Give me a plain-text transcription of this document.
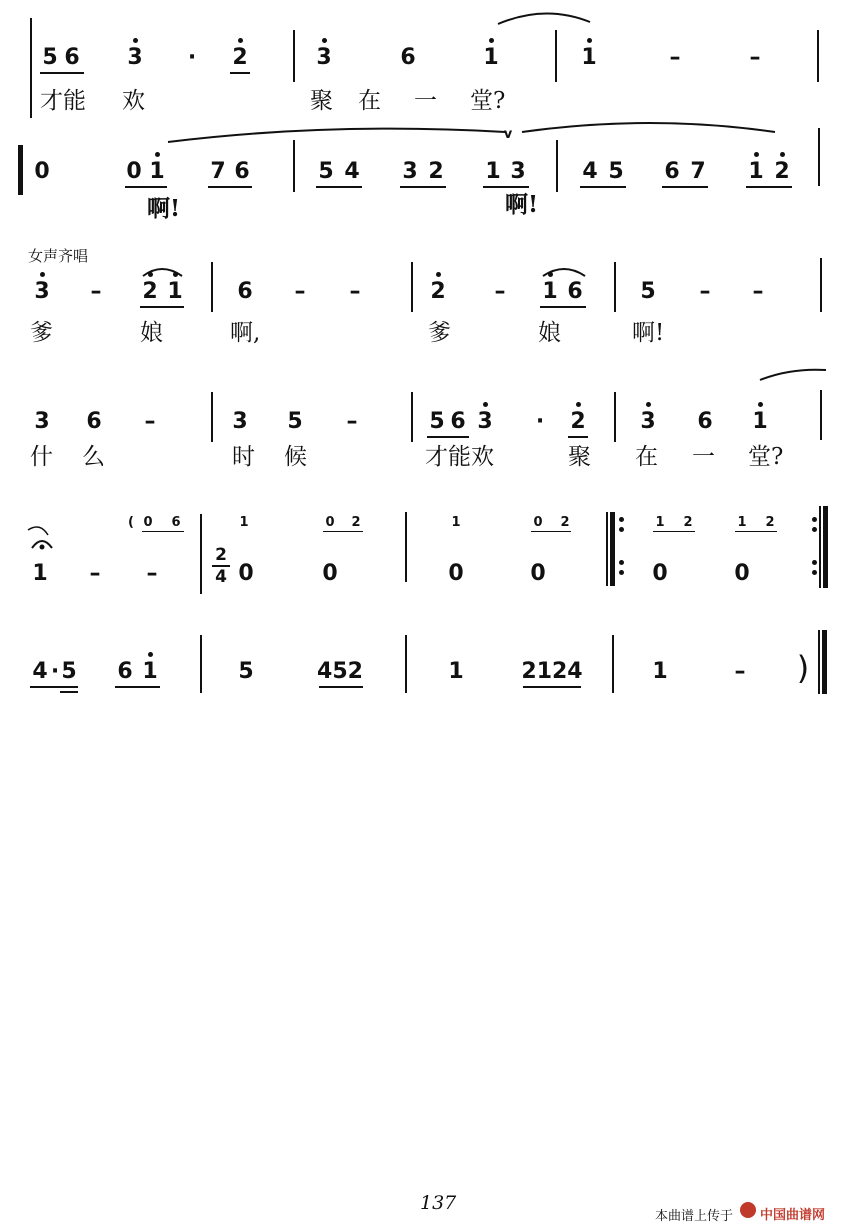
5 6 3 · 2	3	6	1	1	–	–
才能 欢	聚 在 一 堂?
0	0 1 7 6	5 4 3 2 1 3
v
4 5 6 7 1 2
啊!	啊!
女声齐唱
3 – 2 1 6 – –	2 – 1 6	5 – –
爹	娘	啊,	爹	娘	啊!
3 6 –	3 5 –	5 6 3 · 2 3 6 1
什 么	时 候	才能欢	聚 在 一 堂?
( 0 6	1	0 2	1	0 2	1 2	1 2
1 – –
2
4 0	0	0	0	0	0
4 · 5 6 1	5	452	1	2124	1	– )
137
本曲谱上传于 中国曲谱网
